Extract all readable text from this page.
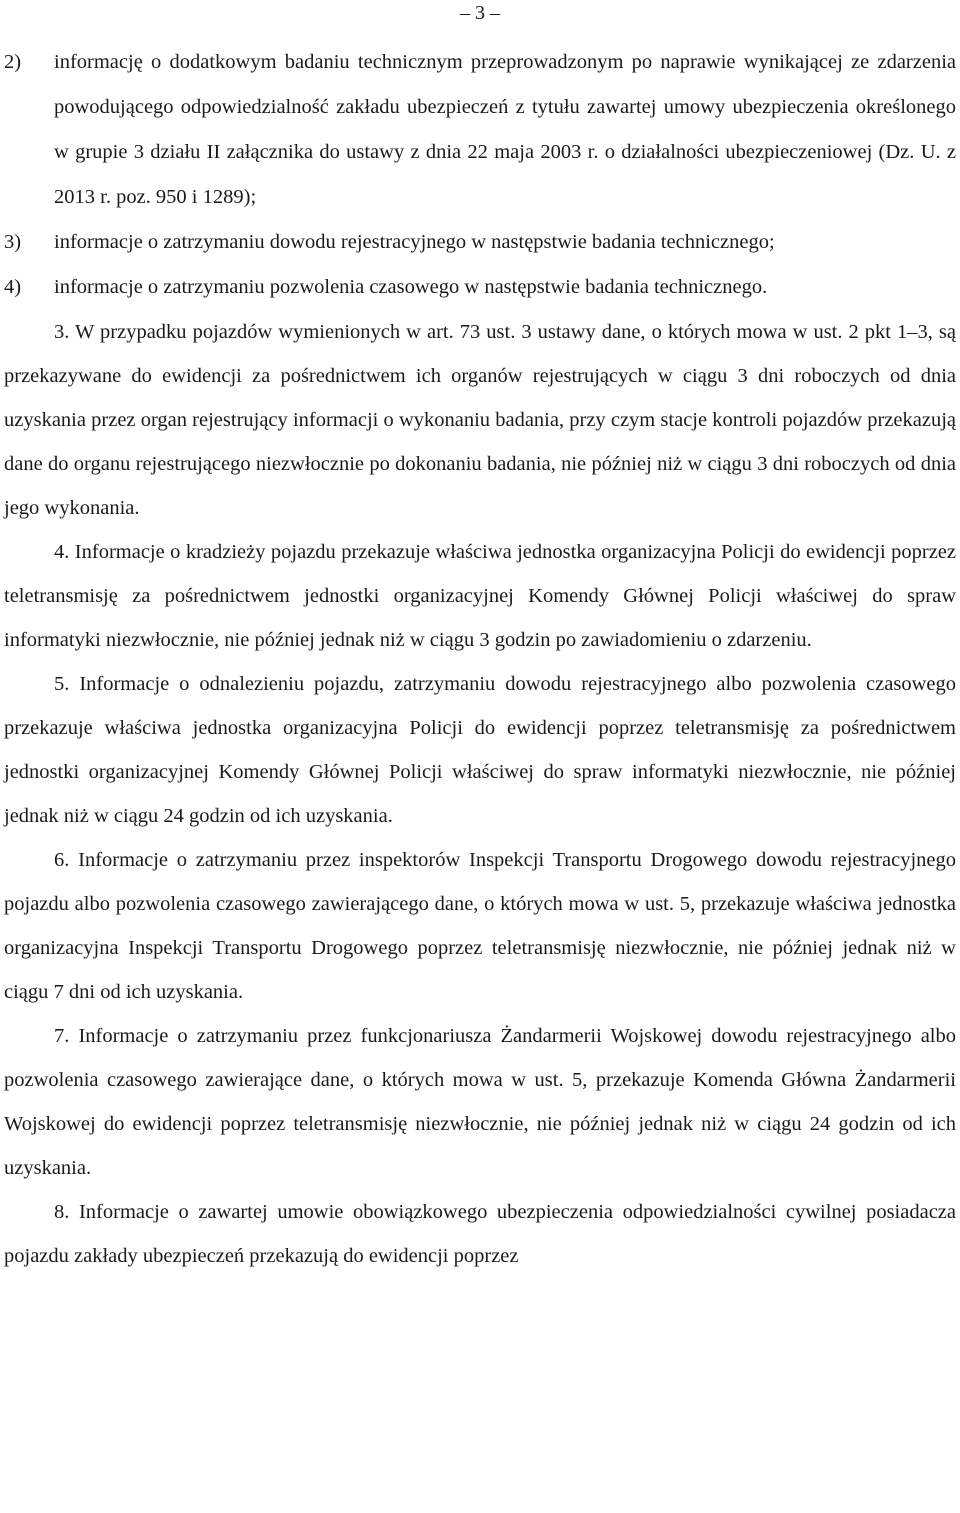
– 3 –
2)	informację o dodatkowym badaniu technicznym przeprowadzonym po naprawie wynikającej ze zdarzenia powodującego odpowiedzialność zakładu ubezpieczeń z tytułu zawartej umowy ubezpieczenia określonego w grupie 3 działu II załącznika do ustawy z dnia 22 maja 2003 r. o działalności ubezpieczeniowej (Dz. U. z 2013 r. poz. 950 i 1289);
3)	informacje o zatrzymaniu dowodu rejestracyjnego w następstwie badania technicznego;
4)	informacje o zatrzymaniu pozwolenia czasowego w następstwie badania technicznego.

3. W przypadku pojazdów wymienionych w art. 73 ust. 3 ustawy dane, o których mowa w ust. 2 pkt 1–3, są przekazywane do ewidencji za pośrednictwem ich organów rejestrujących w ciągu 3 dni roboczych od dnia uzyskania przez organ rejestrujący informacji o wykonaniu badania, przy czym stacje kontroli pojazdów przekazują dane do organu rejestrującego niezwłocznie po dokonaniu badania, nie później niż w ciągu 3 dni roboczych od dnia jego wykonania.

4. Informacje o kradzieży pojazdu przekazuje właściwa jednostka organizacyjna Policji do ewidencji poprzez teletransmisję za pośrednictwem jednostki organizacyjnej Komendy Głównej Policji właściwej do spraw informatyki niezwłocznie, nie później jednak niż w ciągu 3 godzin po zawiadomieniu o zdarzeniu.

5. Informacje o odnalezieniu pojazdu, zatrzymaniu dowodu rejestracyjnego albo pozwolenia czasowego przekazuje właściwa jednostka organizacyjna Policji do ewidencji poprzez teletransmisję za pośrednictwem jednostki organizacyjnej Komendy Głównej Policji właściwej do spraw informatyki niezwłocznie, nie później jednak niż w ciągu 24 godzin od ich uzyskania.

6. Informacje o zatrzymaniu przez inspektorów Inspekcji Transportu Drogowego dowodu rejestracyjnego pojazdu albo pozwolenia czasowego zawierającego dane, o których mowa w ust. 5, przekazuje właściwa jednostka organizacyjna Inspekcji Transportu Drogowego poprzez teletransmisję niezwłocznie, nie później jednak niż w ciągu 7 dni od ich uzyskania.

7. Informacje o zatrzymaniu przez funkcjonariusza Żandarmerii Wojskowej dowodu rejestracyjnego albo pozwolenia czasowego zawierające dane, o których mowa w ust. 5, przekazuje Komenda Główna Żandarmerii Wojskowej do ewidencji poprzez teletransmisję niezwłocznie, nie później jednak niż w ciągu 24 godzin od ich uzyskania.

8. Informacje o zawartej umowie obowiązkowego ubezpieczenia odpowiedzialności cywilnej posiadacza pojazdu zakłady ubezpieczeń przekazują do ewidencji poprzez
